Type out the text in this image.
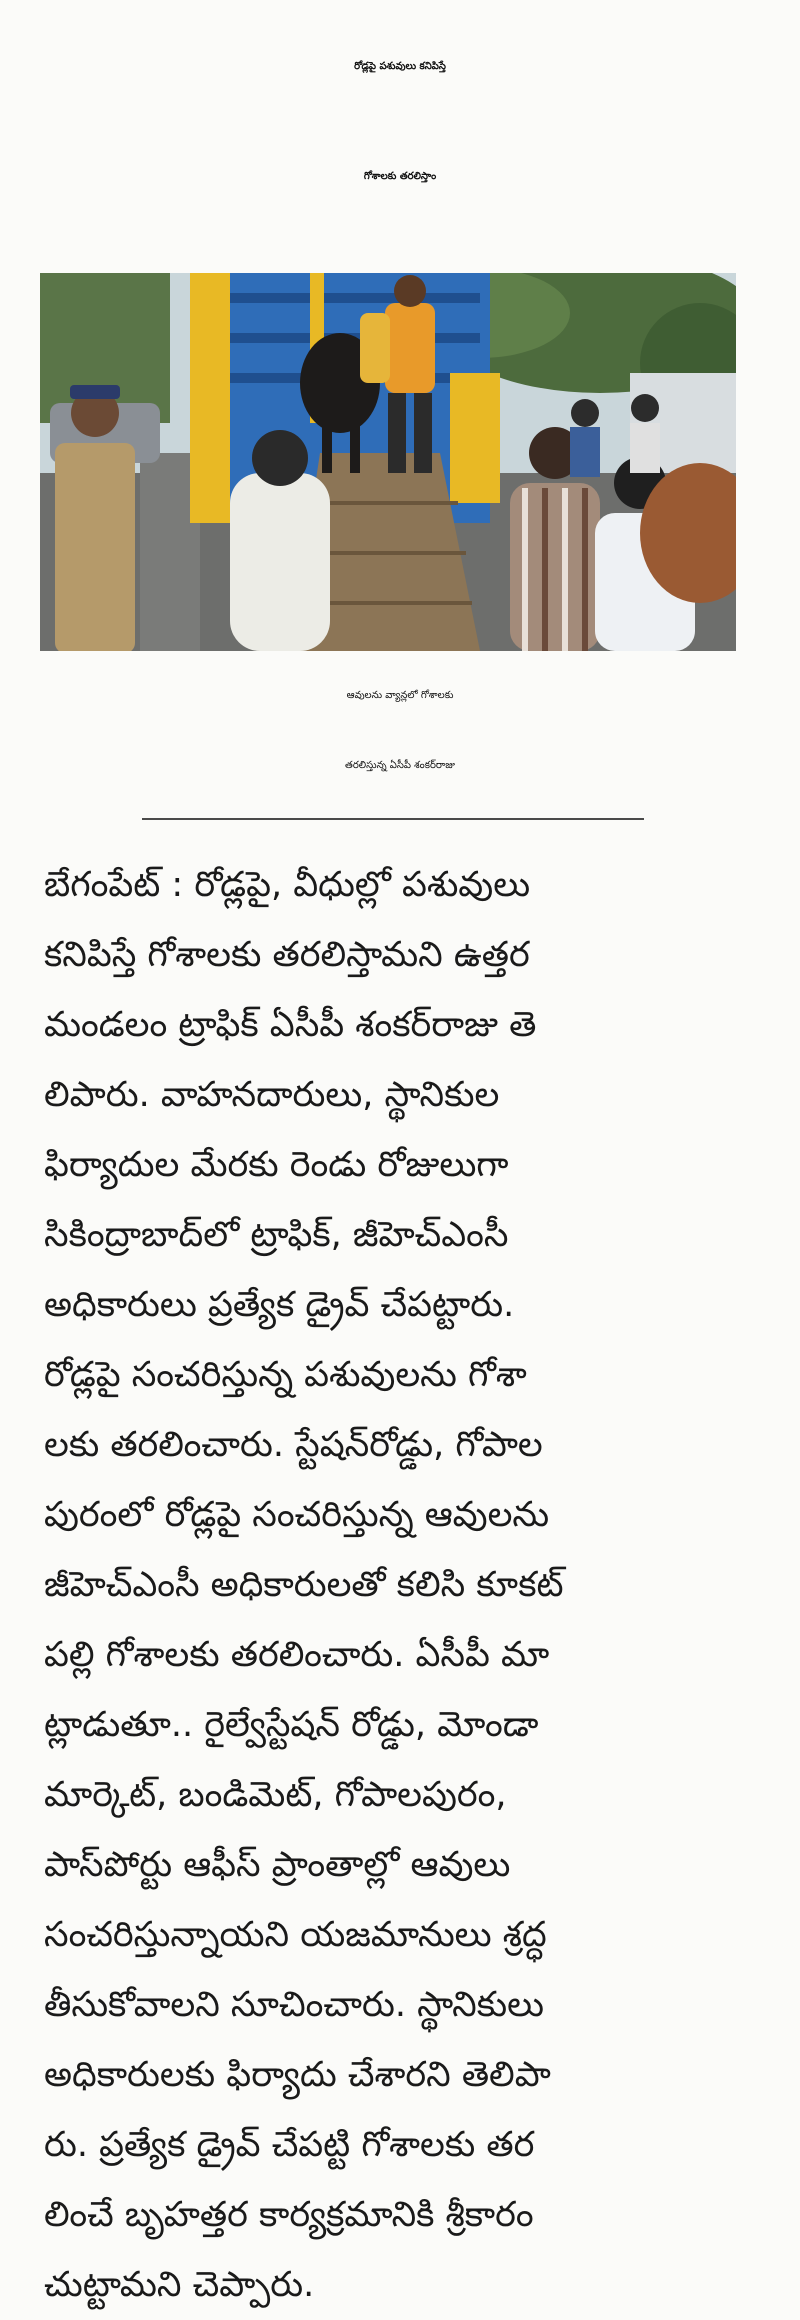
రోడ్లపై పశువులు కనిపిస్తే
గోశాలకు తరలిస్తాం
ఆవులను వ్యాన్లలో గోశాలకు
తరలిస్తున్న ఏసీపీ శంకర్‌రాజు
బేగంపేట్ : రోడ్లపై, వీధుల్లో పశువులు
కనిపిస్తే గోశాలకు తరలిస్తామని ఉత్తర
మండలం ట్రాఫిక్ ఏసీపీ శంకర్‌రాజు తె
లిపారు. వాహనదారులు, స్థానికుల
ఫిర్యాదుల మేరకు రెండు రోజులుగా
సికింద్రాబాద్‌లో ట్రాఫిక్, జీహెచ్ఎంసీ
అధికారులు ప్రత్యేక డ్రైవ్ చేపట్టారు.
రోడ్లపై సంచరిస్తున్న పశువులను గోశా
లకు తరలించారు. స్టేషన్‌రోడ్డు, గోపాల
పురంలో రోడ్లపై సంచరిస్తున్న ఆవులను
జీహెచ్ఎంసీ అధికారులతో కలిసి కూకట్
పల్లి గోశాలకు తరలించారు. ఏసీపీ మా
ట్లాడుతూ.. రైల్వేస్టేషన్ రోడ్డు, మోండా
మార్కెట్, బండిమెట్, గోపాలపురం,
పాస్‌పోర్టు ఆఫీస్ ప్రాంతాల్లో ఆవులు
సంచరిస్తున్నాయని యజమానులు శ్రద్ధ
తీసుకోవాలని సూచించారు. స్థానికులు
అధికారులకు ఫిర్యాదు చేశారని తెలిపా
రు. ప్రత్యేక డ్రైవ్ చేపట్టి గోశాలకు తర
లించే బృహత్తర కార్యక్రమానికి శ్రీకారం
చుట్టామని చెప్పారు.
